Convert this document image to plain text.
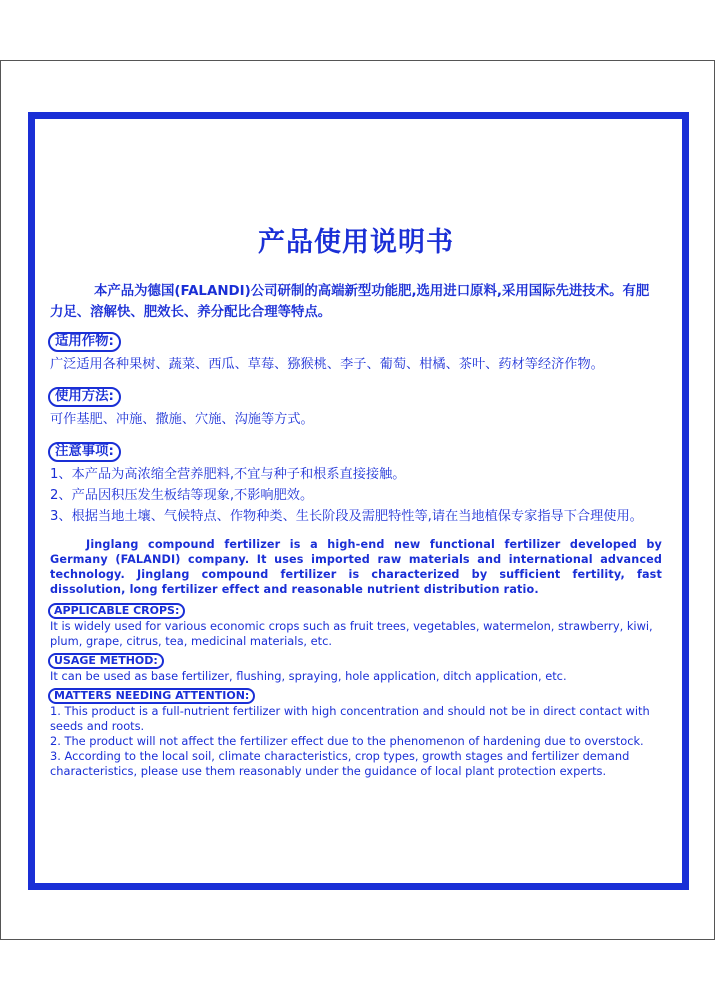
产品使用说明书

本产品为德国(FALANDI)公司研制的高端新型功能肥,选用进口原料,采用国际先进技术。有肥力足、溶解快、肥效长、养分配比合理等特点。

适用作物:

广泛适用各种果树、蔬菜、西瓜、草莓、猕猴桃、李子、葡萄、柑橘、茶叶、药材等经济作物。

使用方法:

可作基肥、冲施、撒施、穴施、沟施等方式。

注意事项:
1、本产品为高浓缩全营养肥料,不宜与种子和根系直接接触。
2、产品因积压发生板结等现象,不影响肥效。
3、根据当地土壤、气候特点、作物种类、生长阶段及需肥特性等,请在当地植保专家指导下合理使用。

Jinglang compound fertilizer is a high-end new functional fertilizer developed by Germany (FALANDI) company. It uses imported raw materials and international advanced technology. Jinglang compound fertilizer is characterized by sufficient fertility, fast dissolution, long fertilizer effect and reasonable nutrient distribution ratio.

APPLICABLE CROPS:

It is widely used for various economic crops such as fruit trees, vegetables, watermelon, strawberry, kiwi, plum, grape, citrus, tea, medicinal materials, etc.

USAGE METHOD:

It can be used as base fertilizer, flushing, spraying, hole application, ditch application, etc.

MATTERS NEEDING ATTENTION:
1. This product is a full-nutrient fertilizer with high concentration and should not be in direct contact with seeds and roots.
2. The product will not affect the fertilizer effect due to the phenomenon of hardening due to overstock.
3. According to the local soil, climate characteristics, crop types, growth stages and fertilizer demand characteristics, please use them reasonably under the guidance of local plant protection experts.
